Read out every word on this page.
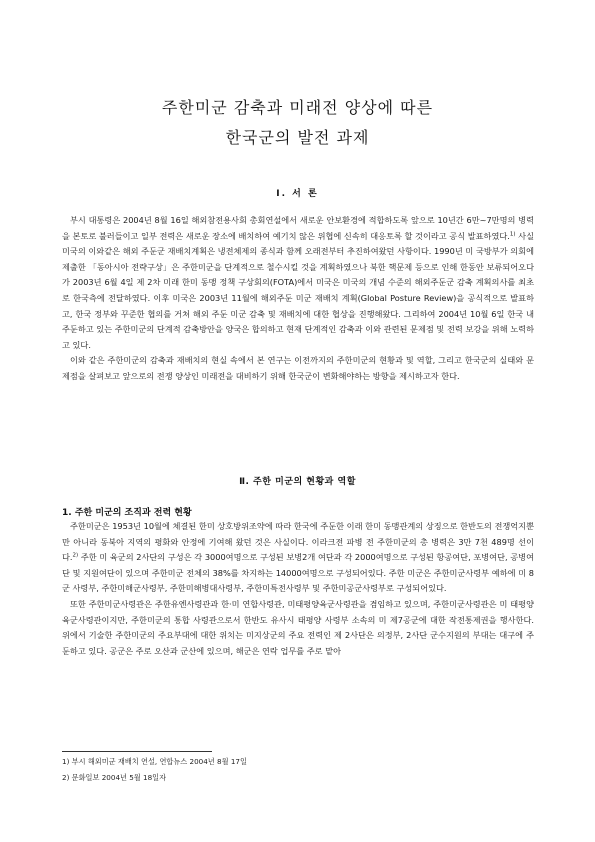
주한미군 감축과 미래전 양상에 따른
한국군의 발전 과제
Ⅰ. 서 론

부시 대통령은 2004년 8월 16일 해외참전용사회 총회연설에서 새로운 안보환경에 적합하도록 앞으로 10년간 6만~7만명의 병력을 본토로 불러들이고 일부 전력은 새로운 장소에 배치하여 예기치 않은 위협에 신속히 대응토록 할 것이라고 공식 발표하였다.$^{1)}$ 사실 미국의 이와같은 해외 주둔군 재배치계획은 냉전체제의 종식과 함께 오래전부터 추진하여왔던 사항이다. 1990년 미 국방부가 의회에 제출한 「동아시아 전략구상」은 주한미군을 단계적으로 철수시킬 것을 계획하였으나 북한 핵문제 등으로 인해 한동안 보류되어오다가 2003년 6월 4일 제 2차 미래 한미 동맹 정책 구상회의(FOTA)에서 미국은 미국의 개념 수준의 해외주둔군 감축 계획의사를 최초로 한국측에 전달하였다. 이후 미국은 2003년 11월에 해외주둔 미군 재배치 계획(Global Posture Review)을 공식적으로 발표하고, 한국 정부와 꾸준한 협의를 거쳐 해외 주둔 미군 감축 및 재배치에 대한 협상을 진행해왔다. 그리하여 2004년 10월 6일 한국 내 주둔하고 있는 주한미군의 단계적 감축방안을 양국은 합의하고 현재 단계적인 감축과 이와 관련된 문제점 및 전력 보강을 위해 노력하고 있다.

이와 같은 주한미군의 감축과 재배치의 현실 속에서 본 연구는 이전까지의 주한미군의 현황과 및 역할, 그리고 한국군의 실태와 문제점을 살펴보고 앞으로의 전쟁 양상인 미래전을 대비하기 위해 한국군이 변화해야하는 방향을 제시하고자 한다.

Ⅱ. 주한 미군의 현황과 역할
1. 주한 미군의 조직과 전력 현황

주한미군은 1953년 10월에 체결된 한미 상호방위조약에 따라 한국에 주둔한 이래 한미 동맹관계의 상징으로 한반도의 전쟁억지뿐만 아니라 동북아 지역의 평화와 안정에 기여해 왔던 것은 사실이다. 이라크전 파병 전 주한미군의 총 병력은 3만 7천 489명 선이다.$^{2)}$ 주한 미 육군의 2사단의 구성은 각 3000여명으로 구성된 보병2개 여단과 각 2000여명으로 구성된 항공여단, 포병여단, 공병여단 및 지원여단이 있으며 주한미군 전체의 38%를 차지하는 14000여명으로 구성되어있다. 주한 미군은 주한미군사령부 예하에 미 8군 사령부, 주한미해군사령부, 주한미해병대사령부, 주한미특전사령부 및 주한미공군사령부로 구성되어있다.

또한 주한미군사령관은 주한유엔사령관과 한·미 연합사령관, 미태평양육군사령관을 겸임하고 있으며, 주한미군사령관은 미 태평양 육군사령관이지만, 주한미군의 통합 사령관으로서 한반도 유사시 태평양 사령부 소속의 미 제7공군에 대한 작전통제권을 행사한다. 위에서 기술한 주한미군의 주요부대에 대한 위치는 미지상군의 주요 전력인 제 2사단은 의정부, 2사단 군수지원의 부대는 대구에 주둔하고 있다. 공군은 주로 오산과 군산에 있으며, 해군은 연락 업무를 주로 맡아

1) 부시 해외미군 재배치 연설, 연합뉴스 2004년 8월 17일
2) 문화일보 2004년 5월 18일자
